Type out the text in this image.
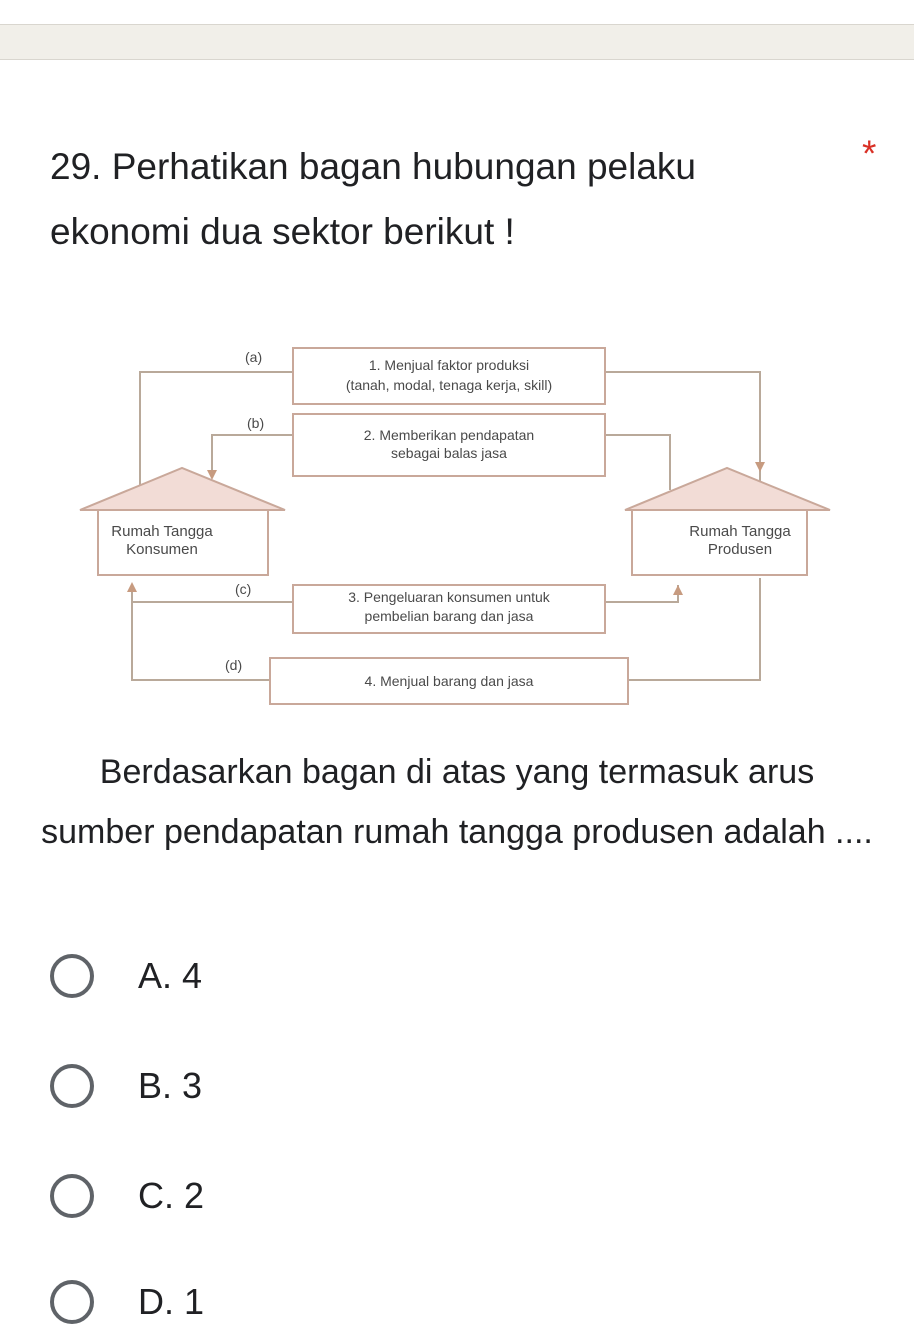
29. Perhatikan bagan hubungan pelaku ekonomi dua sektor berikut !
*
Rumah Tangga
Konsumen
Rumah Tangga
Produsen
(a)
(b)
(c)
(d)
1. Menjual faktor produksi
(tanah, modal, tenaga kerja, skill)
2. Memberikan pendapatan
sebagai balas jasa
3. Pengeluaran konsumen untuk
pembelian barang dan jasa
4. Menjual barang dan jasa
Berdasarkan bagan di atas yang termasuk arus sumber pendapatan rumah tangga produsen adalah ....
A. 4
B. 3
C. 2
D. 1
